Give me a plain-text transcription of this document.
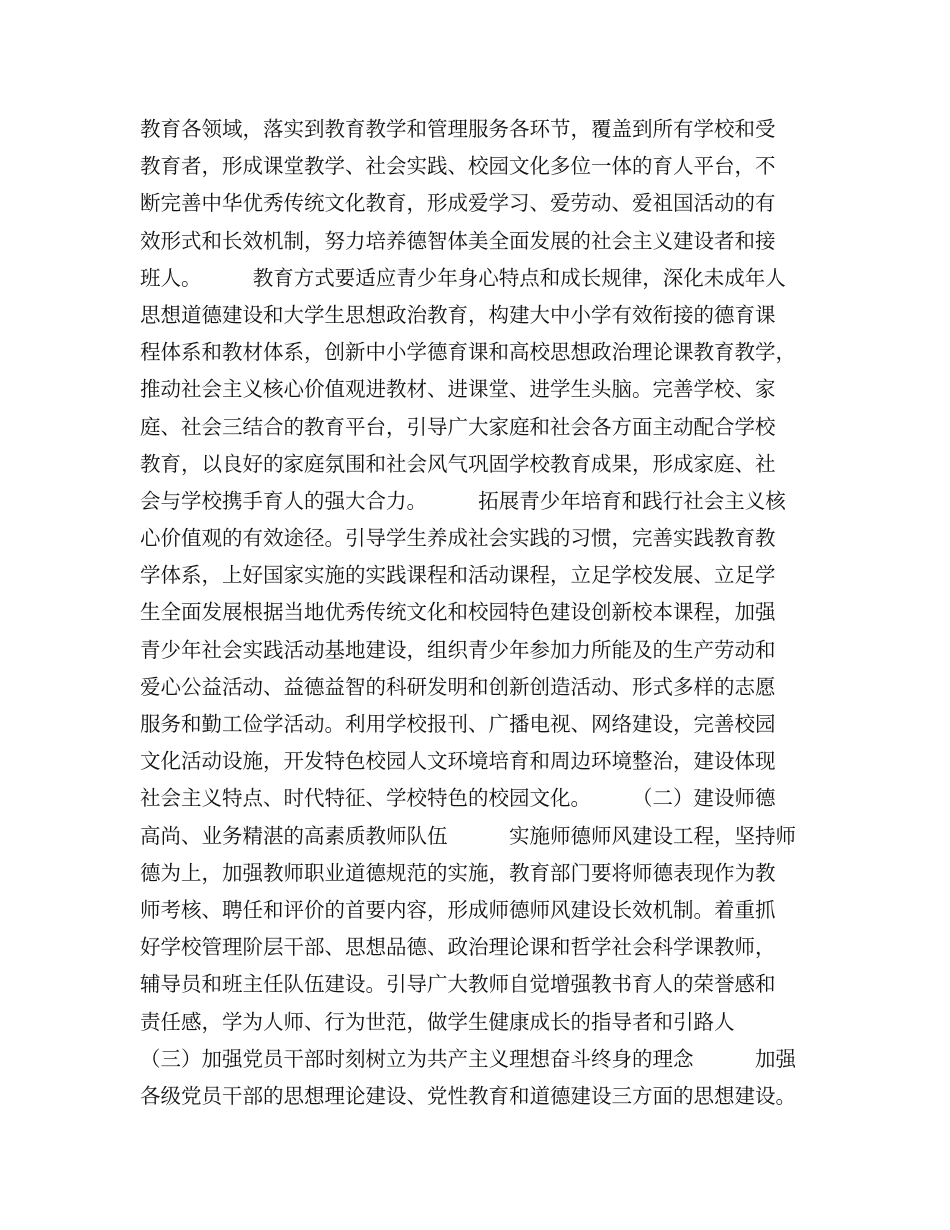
教育各领域，落实到教育教学和管理服务各环节，覆盖到所有学校和受
教育者，形成课堂教学、社会实践、校园文化多位一体的育人平台，不
断完善中华优秀传统文化教育，形成爱学习、爱劳动、爱祖国活动的有
效形式和长效机制，努力培养德智体美全面发展的社会主义建设者和接
班人。　　　教育方式要适应青少年身心特点和成长规律，深化未成年人
思想道德建设和大学生思想政治教育，构建大中小学有效衔接的德育课
程体系和教材体系，创新中小学德育课和高校思想政治理论课教育教学，
推动社会主义核心价值观进教材、进课堂、进学生头脑。完善学校、家
庭、社会三结合的教育平台，引导广大家庭和社会各方面主动配合学校
教育，以良好的家庭氛围和社会风气巩固学校教育成果，形成家庭、社
会与学校携手育人的强大合力。　　　拓展青少年培育和践行社会主义核
心价值观的有效途径。引导学生养成社会实践的习惯，完善实践教育教
学体系，上好国家实施的实践课程和活动课程，立足学校发展、立足学
生全面发展根据当地优秀传统文化和校园特色建设创新校本课程，加强
青少年社会实践活动基地建设，组织青少年参加力所能及的生产劳动和
爱心公益活动、益德益智的科研发明和创新创造活动、形式多样的志愿
服务和勤工俭学活动。利用学校报刊、广播电视、网络建设，完善校园
文化活动设施，开发特色校园人文环境培育和周边环境整治，建设体现
社会主义特点、时代特征、学校特色的校园文化。　　　（二）建设师德
高尚、业务精湛的高素质教师队伍　　　实施师德师风建设工程，坚持师
德为上，加强教师职业道德规范的实施，教育部门要将师德表现作为教
师考核、聘任和评价的首要内容，形成师德师风建设长效机制。着重抓
好学校管理阶层干部、思想品德、政治理论课和哲学社会科学课教师，
辅导员和班主任队伍建设。引导广大教师自觉增强教书育人的荣誉感和
责任感，学为人师、行为世范，做学生健康成长的指导者和引路人　　　
（三）加强党员干部时刻树立为共产主义理想奋斗终身的理念　　　加强
各级党员干部的思想理论建设、党性教育和道德建设三方面的思想建设。
